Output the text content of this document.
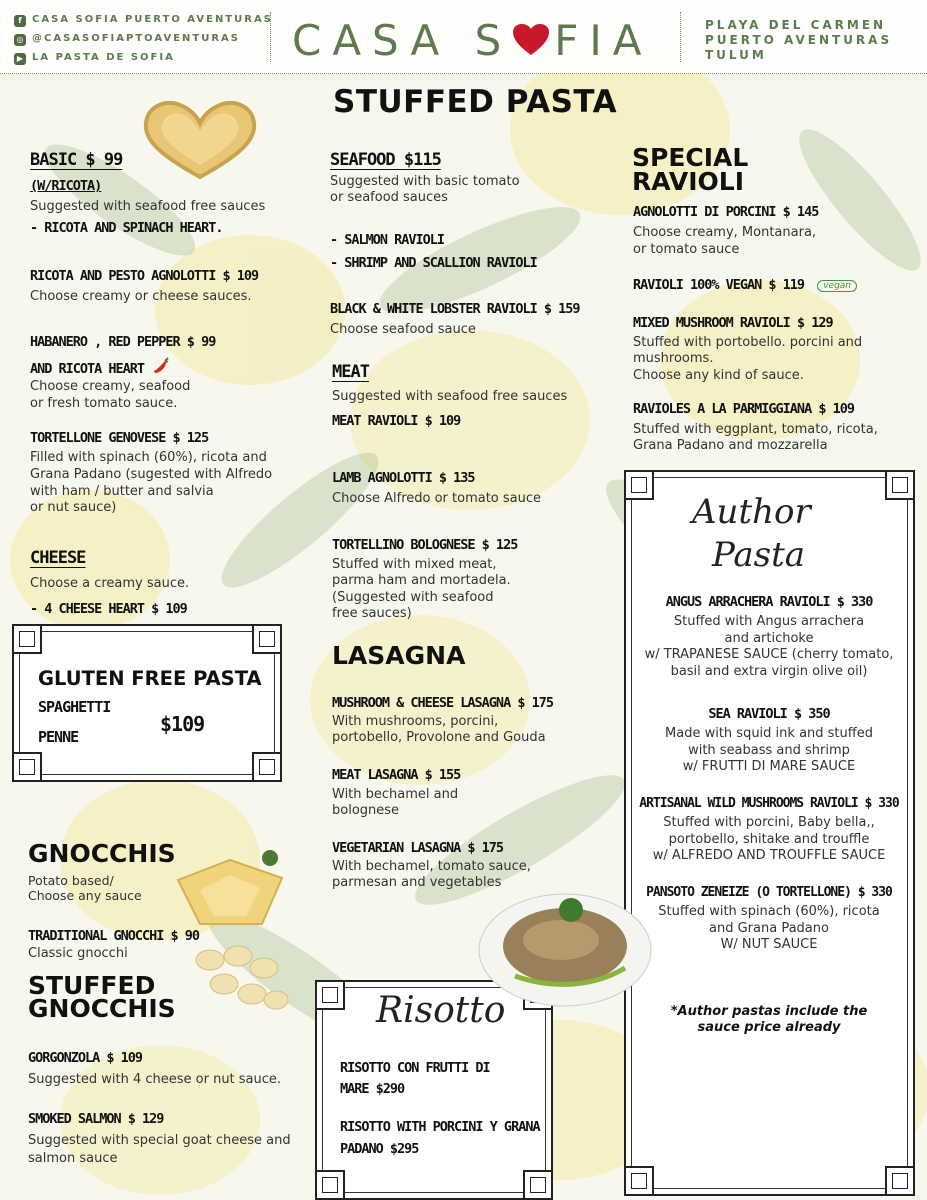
f CASA SOFIA PUERTO AVENTURAS
◎ @CASASOFIAPTOAVENTURAS
▶ LA PASTA DE SOFIA	CASA S FIA	PLAYA DEL CARMEN
PUERTO AVENTURAS
TULUM
STUFFED PASTA
BASIC $ 99
(W/RICOTA)
Suggested with seafood free sauces
- RICOTA AND SPINACH HEART.
RICOTA AND PESTO AGNOLOTTI $ 109
Choose creamy or cheese sauces.
HABANERO , RED PEPPER $ 99
AND RICOTA HEART
Choose creamy, seafood
or fresh tomato sauce.
TORTELLONE GENOVESE $ 125
Filled with spinach (60%), ricota and
Grana Padano (sugested with Alfredo
with ham / butter and salvia
or nut sauce)
CHEESE
Choose a creamy sauce.
- 4 CHEESE HEART $ 109
GLUTEN FREE PASTA
SPAGHETTI
PENNE
$109
GNOCCHIS
Potato based/
Choose any sauce
TRADITIONAL GNOCCHI $ 90
Classic gnocchi
STUFFED
GNOCCHIS
GORGONZOLA $ 109
Suggested with 4 cheese or nut sauce.
SMOKED SALMON $ 129
Suggested with special goat cheese and
salmon sauce
SEAFOOD $115
Suggested with basic tomato
or seafood sauces
- SALMON RAVIOLI
- SHRIMP AND SCALLION RAVIOLI
BLACK & WHITE LOBSTER RAVIOLI $ 159
Choose seafood sauce
MEAT
Suggested with seafood free sauces
MEAT RAVIOLI $ 109
LAMB AGNOLOTTI $ 135
Choose Alfredo or tomato sauce
TORTELLINO BOLOGNESE $ 125
Stuffed with mixed meat,
parma ham and mortadela.
(Suggested with seafood
free sauces)
LASAGNA
MUSHROOM & CHEESE LASAGNA $ 175
With mushrooms, porcini,
portobello, Provolone and Gouda
MEAT LASAGNA $ 155
With bechamel and
bolognese
VEGETARIAN LASAGNA $ 175
With bechamel, tomato sauce,
parmesan and vegetables
Risotto
RISOTTO CON FRUTTI DI
MARE $290
RISOTTO WITH PORCINI Y GRANA
PADANO $295
SPECIAL
RAVIOLI
AGNOLOTTI DI PORCINI $ 145
Choose creamy, Montanara,
or tomato sauce
RAVIOLI 100% VEGAN $ 119 vegan
MIXED MUSHROOM RAVIOLI $ 129
Stuffed with portobello. porcini and
mushrooms.
Choose any kind of sauce.
RAVIOLES A LA PARMIGGIANA $ 109
Stuffed with eggplant, tomato, ricota,
Grana Padano and mozzarella
Author
Pasta
ANGUS ARRACHERA RAVIOLI $ 330
Stuffed with Angus arrachera
and artichoke
w/ TRAPANESE SAUCE (cherry tomato,
basil and extra virgin olive oil)
SEA RAVIOLI $ 350
Made with squid ink and stuffed
with seabass and shrimp
w/ FRUTTI DI MARE SAUCE
ARTISANAL WILD MUSHROOMS RAVIOLI $ 330
Stuffed with porcini, Baby bella,,
portobello, shitake and trouffle
w/ ALFREDO AND TROUFFLE SAUCE
PANSOTO ZENEIZE (O TORTELLONE) $ 330
Stuffed with spinach (60%), ricota
and Grana Padano
W/ NUT SAUCE
*Author pastas include the
sauce price already
